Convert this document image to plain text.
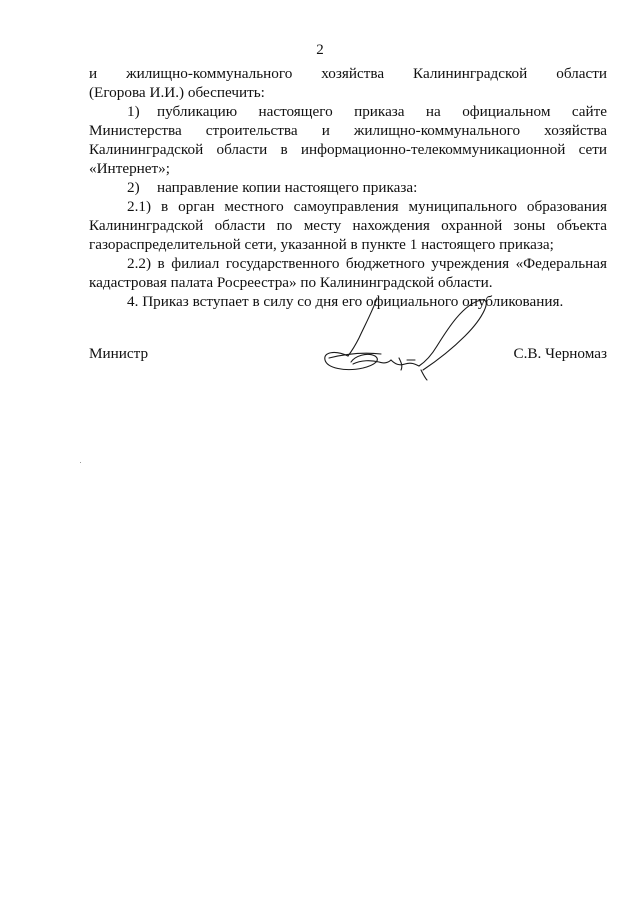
2

и жилищно-коммунального хозяйства Калининградской области

(Егорова И.И.) обеспечить:

1) публикацию настоящего приказа на официальном сайте Министерства строительства и жилищно-коммунального хозяйства Калининградской области в информационно-телекоммуникационной сети «Интернет»;

2) направление копии настоящего приказа:

2.1) в орган местного самоуправления муниципального образования Калининградской области по месту нахождения охранной зоны объекта газораспределительной сети, указанной в пункте 1 настоящего приказа;

2.2) в филиал государственного бюджетного учреждения «Федеральная кадастровая палата Росреестра» по Калининградской области.

4. Приказ вступает в силу со дня его официального опубликования.

Министр	С.В. Черномаз
